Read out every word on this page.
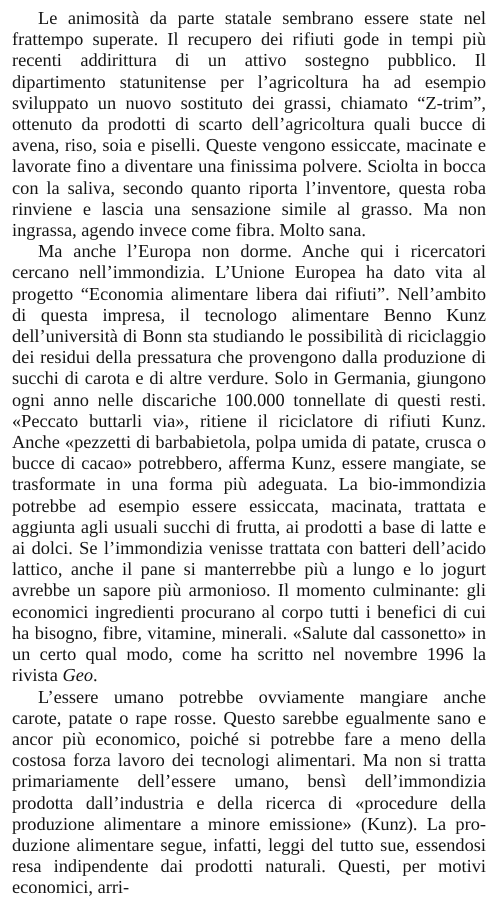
Le animosità da parte statale sembrano essere state nel frattempo superate. Il recupero dei rifiuti gode in tempi più recenti addirittura di un attivo sostegno pubblico. Il dipartimento statunitense per l’agricoltura ha ad esempio sviluppato un nuovo sostituto dei grassi, chiamato “Z-trim”, ottenuto da prodotti di scarto dell’agricoltura quali bucce di avena, riso, soia e piselli. Queste vengono essiccate, macinate e lavorate fino a diventare una finissima polvere. Sciolta in bocca con la saliva, secondo quanto riporta l’inventore, questa roba rinviene e lascia una sensazione simile al grasso. Ma non ingrassa, agendo invece come fibra. Molto sana.

Ma anche l’Europa non dorme. Anche qui i ricercatori cercano nell’immondizia. L’Unione Europea ha dato vita al progetto “Economia alimentare libera dai rifiuti”. Nell’ambito di questa impresa, il tecnologo alimentare Benno Kunz dell’università di Bonn sta studiando le possibilità di riciclaggio dei residui della pressatura che provengono dalla produzione di succhi di carota e di altre verdure. Solo in Germania, giungono ogni anno nelle discariche 100.000 tonnellate di questi resti. «Peccato buttarli via», ritiene il riciclatore di rifiuti Kunz. Anche «pezzetti di barbabietola, polpa umida di patate, crusca o bucce di cacao» potrebbero, afferma Kunz, essere mangiate, se trasformate in una forma più adeguata. La bio-immondizia potrebbe ad esempio essere essiccata, macinata, trattata e aggiunta agli usuali succhi di frutta, ai prodotti a base di latte e ai dolci. Se l’immondizia venisse trattata con batteri dell’acido lattico, anche il pane si manterrebbe più a lungo e lo jogurt avrebbe un sapore più armonioso. Il momento culminante: gli economici ingredienti procurano al corpo tutti i benefici di cui ha bisogno, fibre, vitamine, minerali. «Salute dal cassonetto» in un certo qual modo, come ha scritto nel novembre 1996 la rivista Geo.

L’essere umano potrebbe ovviamente mangiare anche carote, patate o rape rosse. Questo sarebbe egualmente sano e ancor più economico, poiché si potrebbe fare a meno della costosa forza lavoro dei tecnologi alimentari. Ma non si tratta primariamente dell’essere umano, bensì dell’immondizia prodotta dall’industria e della ricerca di «procedure della produzione alimentare a minore emissione» (Kunz). La produzione alimentare segue, infatti, leggi del tutto sue, essendosi resa indipendente dai prodotti naturali. Questi, per motivi economici, arri-
